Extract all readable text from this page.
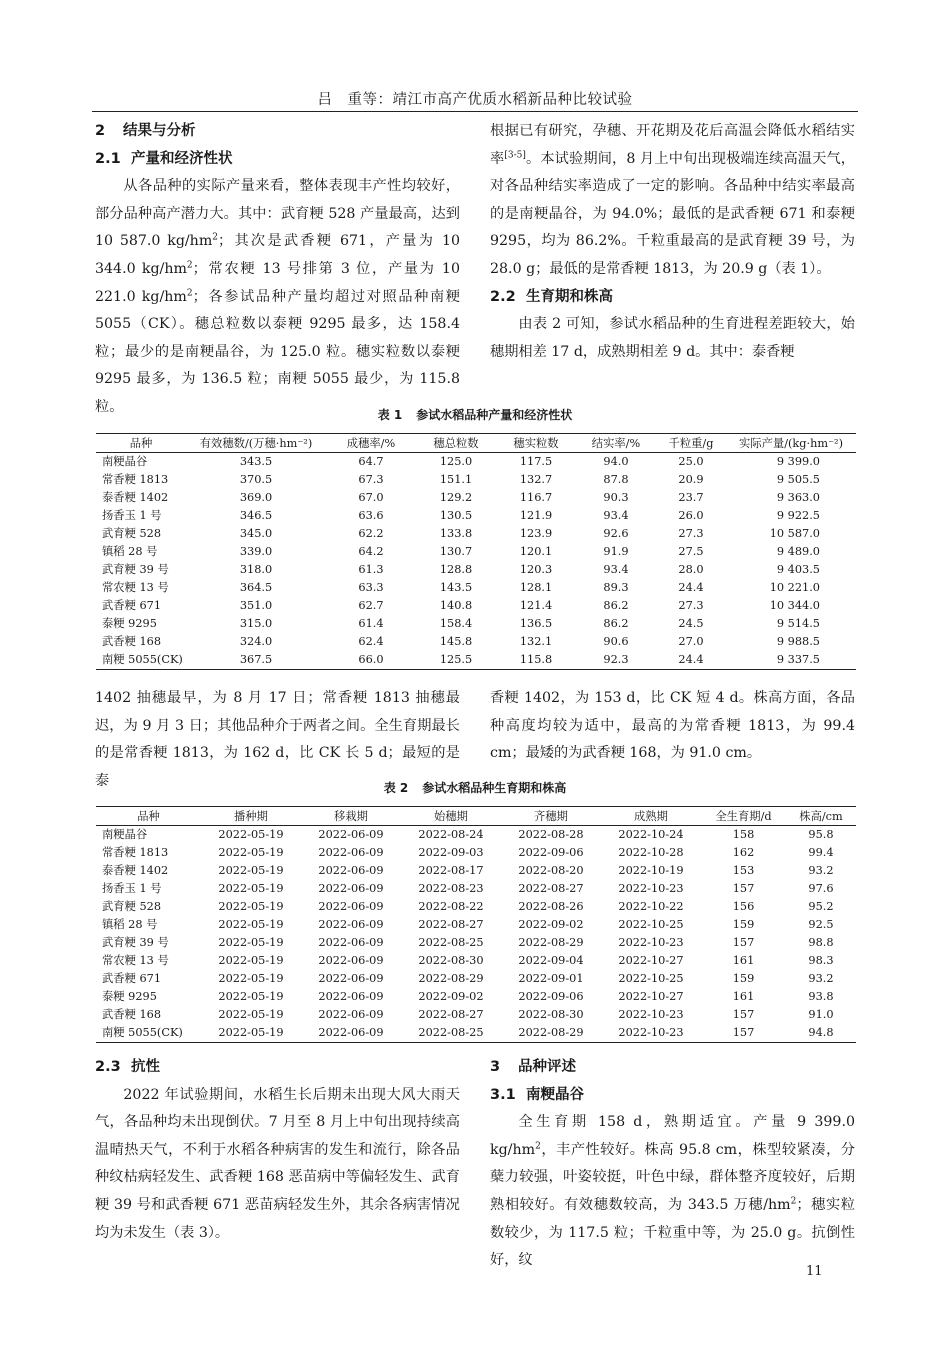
吕　重等：靖江市高产优质水稻新品种比较试验
2 结果与分析
2.1 产量和经济性状

从各品种的实际产量来看，整体表现丰产性均较好，部分品种高产潜力大。其中：武育粳 528 产量最高，达到 10 587.0 $kg/hm^2$；其次是武香粳 671，产量为 10 344.0 $kg/hm^2$；常农粳 13 号排第 3 位，产量为 10 221.0 $kg/hm^2$；各参试品种产量均超过对照品种南粳 5055（CK）。穗总粒数以泰粳 9295 最多，达 158.4 粒；最少的是南粳晶谷，为 125.0 粒。穗实粒数以泰粳 9295 最多，为 136.5 粒；南粳 5055 最少，为 115.8 粒。

根据已有研究，孕穗、开花期及花后高温会降低水稻结实率[3-5]。本试验期间，8 月上中旬出现极端连续高温天气，对各品种结实率造成了一定的影响。各品种中结实率最高的是南粳晶谷，为 94.0%；最低的是武香粳 671 和泰粳 9295，均为 86.2%。千粒重最高的是武育粳 39 号，为 28.0 g；最低的是常香粳 1813，为 20.9 g（表 1）。

2.2 生育期和株高

由表 2 可知，参试水稻品种的生育进程差距较大，始穗期相差 17 d，成熟期相差 9 d。其中：泰香粳

表 1 参试水稻品种产量和经济性状
品种	有效穗数/(万穗·hm⁻²)	成穗率/%	穗总粒数	穗实粒数	结实率/%	千粒重/g	实际产量/(kg·hm⁻²)
南粳晶谷	343.5	64.7	125.0	117.5	94.0	25.0	9 399.0
常香粳 1813	370.5	67.3	151.1	132.7	87.8	20.9	9 505.5
泰香粳 1402	369.0	67.0	129.2	116.7	90.3	23.7	9 363.0
扬香玉 1 号	346.5	63.6	130.5	121.9	93.4	26.0	9 922.5
武育粳 528	345.0	62.2	133.8	123.9	92.6	27.3	10 587.0
镇稻 28 号	339.0	64.2	130.7	120.1	91.9	27.5	9 489.0
武育粳 39 号	318.0	61.3	128.8	120.3	93.4	28.0	9 403.5
常农粳 13 号	364.5	63.3	143.5	128.1	89.3	24.4	10 221.0
武香粳 671	351.0	62.7	140.8	121.4	86.2	27.3	10 344.0
泰粳 9295	315.0	61.4	158.4	136.5	86.2	24.5	9 514.5
武香粳 168	324.0	62.4	145.8	132.1	90.6	27.0	9 988.5
南粳 5055(CK)	367.5	66.0	125.5	115.8	92.3	24.4	9 337.5

1402 抽穗最早，为 8 月 17 日；常香粳 1813 抽穗最迟，为 9 月 3 日；其他品种介于两者之间。全生育期最长的是常香粳 1813，为 162 d，比 CK 长 5 d；最短的是泰

香粳 1402，为 153 d，比 CK 短 4 d。株高方面，各品种高度均较为适中，最高的为常香粳 1813，为 99.4 cm；最矮的为武香粳 168，为 91.0 cm。

表 2 参试水稻品种生育期和株高
品种	播种期	移栽期	始穗期	齐穗期	成熟期	全生育期/d	株高/cm
南粳晶谷	2022-05-19	2022-06-09	2022-08-24	2022-08-28	2022-10-24	158	95.8
常香粳 1813	2022-05-19	2022-06-09	2022-09-03	2022-09-06	2022-10-28	162	99.4
泰香粳 1402	2022-05-19	2022-06-09	2022-08-17	2022-08-20	2022-10-19	153	93.2
扬香玉 1 号	2022-05-19	2022-06-09	2022-08-23	2022-08-27	2022-10-23	157	97.6
武育粳 528	2022-05-19	2022-06-09	2022-08-22	2022-08-26	2022-10-22	156	95.2
镇稻 28 号	2022-05-19	2022-06-09	2022-08-27	2022-09-02	2022-10-25	159	92.5
武育粳 39 号	2022-05-19	2022-06-09	2022-08-25	2022-08-29	2022-10-23	157	98.8
常农粳 13 号	2022-05-19	2022-06-09	2022-08-30	2022-09-04	2022-10-27	161	98.3
武香粳 671	2022-05-19	2022-06-09	2022-08-29	2022-09-01	2022-10-25	159	93.2
泰粳 9295	2022-05-19	2022-06-09	2022-09-02	2022-09-06	2022-10-27	161	93.8
武香粳 168	2022-05-19	2022-06-09	2022-08-27	2022-08-30	2022-10-23	157	91.0
南粳 5055(CK)	2022-05-19	2022-06-09	2022-08-25	2022-08-29	2022-10-23	157	94.8
2.3 抗性

2022 年试验期间，水稻生长后期未出现大风大雨天气，各品种均未出现倒伏。7 月至 8 月上中旬出现持续高温晴热天气，不利于水稻各种病害的发生和流行，除各品种纹枯病轻发生、武香粳 168 恶苗病中等偏轻发生、武育粳 39 号和武香粳 671 恶苗病轻发生外，其余各病害情况均为未发生（表 3）。

3 品种评述
3.1 南粳晶谷

全生育期 158 d，熟期适宜。产量 9 399.0 $kg/hm^2$，丰产性较好。株高 95.8 cm，株型较紧凑，分蘖力较强，叶姿较挺，叶色中绿，群体整齐度较好，后期熟相较好。有效穗数较高，为 343.5 万穗$/hm^2$；穗实粒数较少，为 117.5 粒；千粒重中等，为 25.0 g。抗倒性好，纹

11
